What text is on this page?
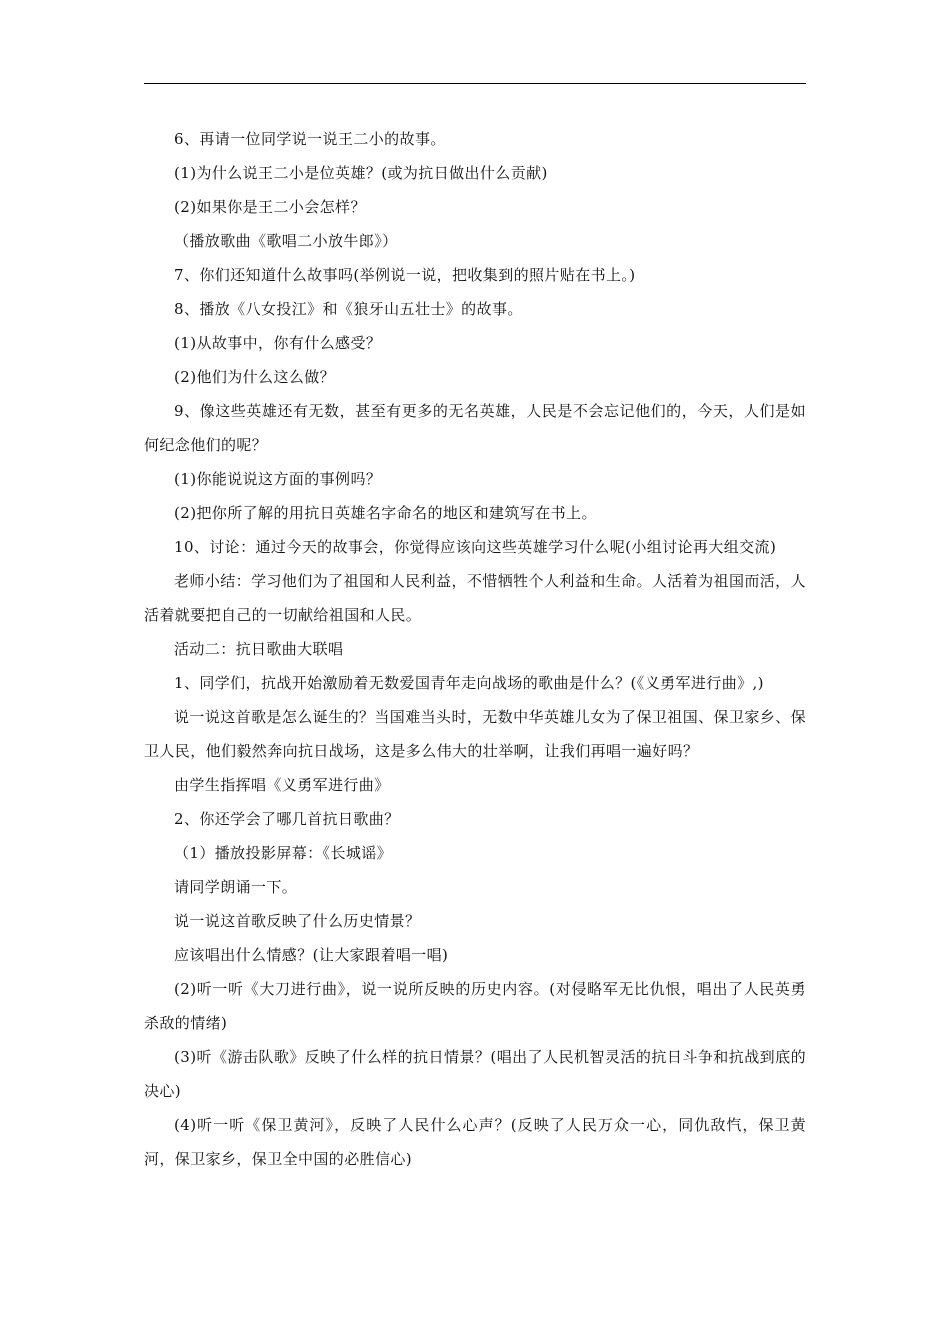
6、再请一位同学说一说王二小的故事。

(1)为什么说王二小是位英雄？(或为抗日做出什么贡献)

(2)如果你是王二小会怎样？

（播放歌曲《歌唱二小放牛郎》）

7、你们还知道什么故事吗(举例说一说，把收集到的照片贴在书上。)

8、播放《八女投江》和《狼牙山五壮士》的故事。

(1)从故事中，你有什么感受？

(2)他们为什么这么做？

9、像这些英雄还有无数，甚至有更多的无名英雄，人民是不会忘记他们的，今天，人们是如何纪念他们的呢？

(1)你能说说这方面的事例吗？

(2)把你所了解的用抗日英雄名字命名的地区和建筑写在书上。

10、讨论：通过今天的故事会，你觉得应该向这些英雄学习什么呢(小组讨论再大组交流)

老师小结：学习他们为了祖国和人民利益，不惜牺牲个人利益和生命。人活着为祖国而活，人活着就要把自己的一切献给祖国和人民。

活动二：抗日歌曲大联唱

1、同学们，抗战开始激励着无数爱国青年走向战场的歌曲是什么？(《义勇军进行曲》,)

说一说这首歌是怎么诞生的？当国难当头时，无数中华英雄儿女为了保卫祖国、保卫家乡、保卫人民，他们毅然奔向抗日战场，这是多么伟大的壮举啊，让我们再唱一遍好吗？

由学生指挥唱《义勇军进行曲》

2、你还学会了哪几首抗日歌曲？

（1）播放投影屏幕：《长城谣》

请同学朗诵一下。

说一说这首歌反映了什么历史情景？

应该唱出什么情感？(让大家跟着唱一唱)

(2)听一听《大刀进行曲》，说一说所反映的历史内容。(对侵略军无比仇恨，唱出了人民英勇杀敌的情绪)

(3)听《游击队歌》反映了什么样的抗日情景？(唱出了人民机智灵活的抗日斗争和抗战到底的决心)

(4)听一听《保卫黄河》，反映了人民什么心声？(反映了人民万众一心，同仇敌忾，保卫黄河，保卫家乡，保卫全中国的必胜信心)
